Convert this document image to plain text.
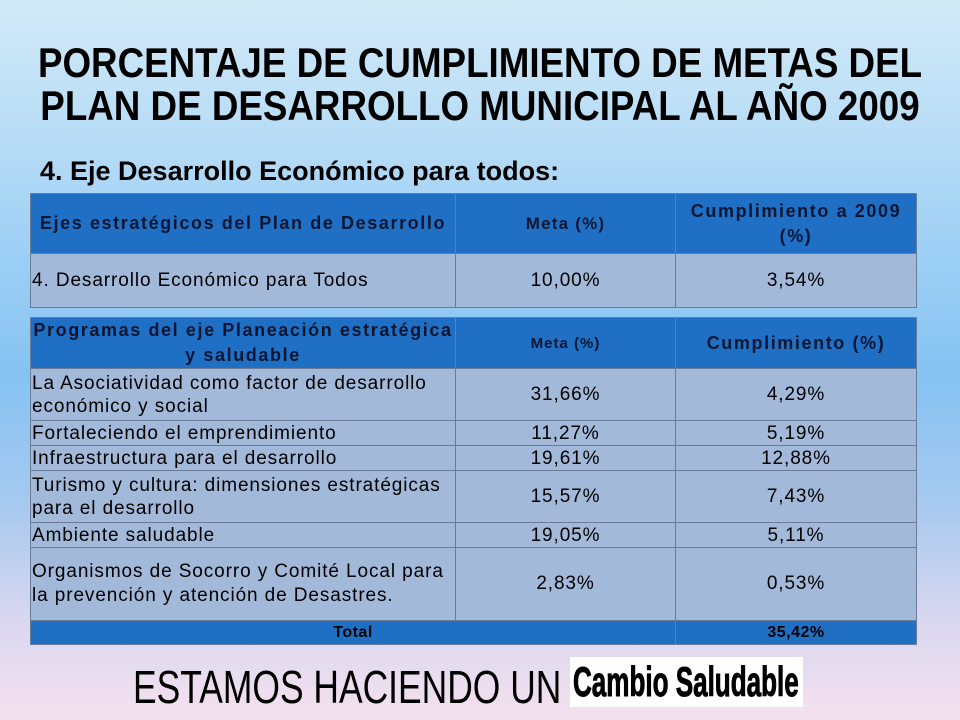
PORCENTAJE DE CUMPLIMIENTO DE METAS DEL
PLAN DE DESARROLLO MUNICIPAL AL AÑO 2009
4. Eje Desarrollo Económico para todos:
Ejes estratégicos del Plan de Desarrollo	Meta (%)	Cumplimiento a 2009
(%)

4. Desarrollo Económico para Todos	10,00%	3,54%
Programas del eje Planeación estratégica
y saludable	Meta (%)	Cumplimiento (%)

La Asociatividad como factor de desarrollo
económico y social	31,66%	4,29%

Fortaleciendo el emprendimiento	11,27%	5,19%

Infraestructura para el desarrollo	19,61%	12,88%

Turismo y cultura: dimensiones estratégicas
para el desarrollo	15,57%	7,43%

Ambiente saludable	19,05%	5,11%

Organismos de Socorro y Comité Local para
la prevención y atención de Desastres.	2,83%	0,53%
Total		35,42%
ESTAMOS HACIENDO UN Cambio Saludable
